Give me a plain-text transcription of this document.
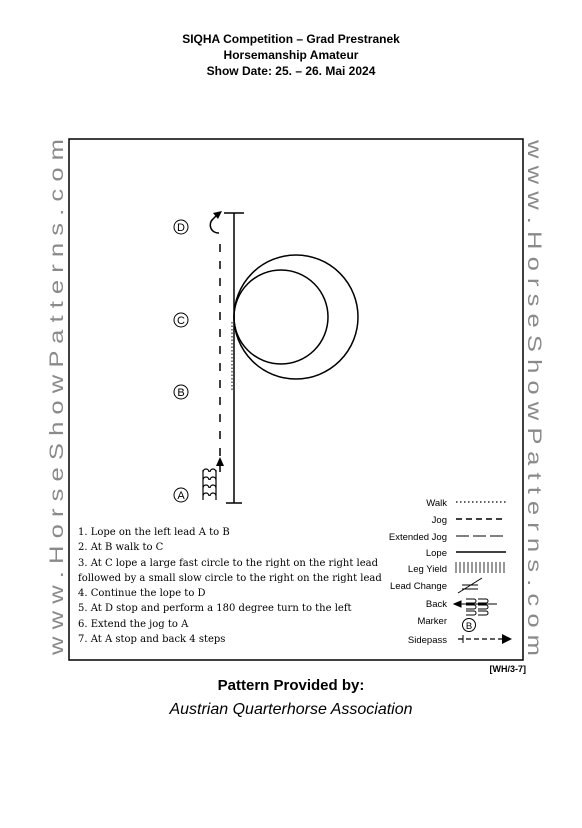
SIQHA Competition – Grad Prestranek
Horsemanship Amateur
Show Date: 25. – 26. Mai 2024
w w w . H o r s e S h o w P a t t e r n s . c o m	w w w . H o r s e S h o w P a t t e r n s . c o m
D
C
B
A
Walk
Jog
Extended Jog
Lope
Leg Yield
Lead Change
Back
Marker B
Sidepass
1. Lope on the left lead A to B
2. At B walk to C
3. At C lope a large fast circle to the right on the right lead
followed by a small slow circle to the right on the right lead
4. Continue the lope to D
5. At D stop and perform a 180 degree turn to the left
6. Extend the jog to A
7. At A stop and back 4 steps
[WH/3-7]
Pattern Provided by:
Austrian Quarterhorse Association
